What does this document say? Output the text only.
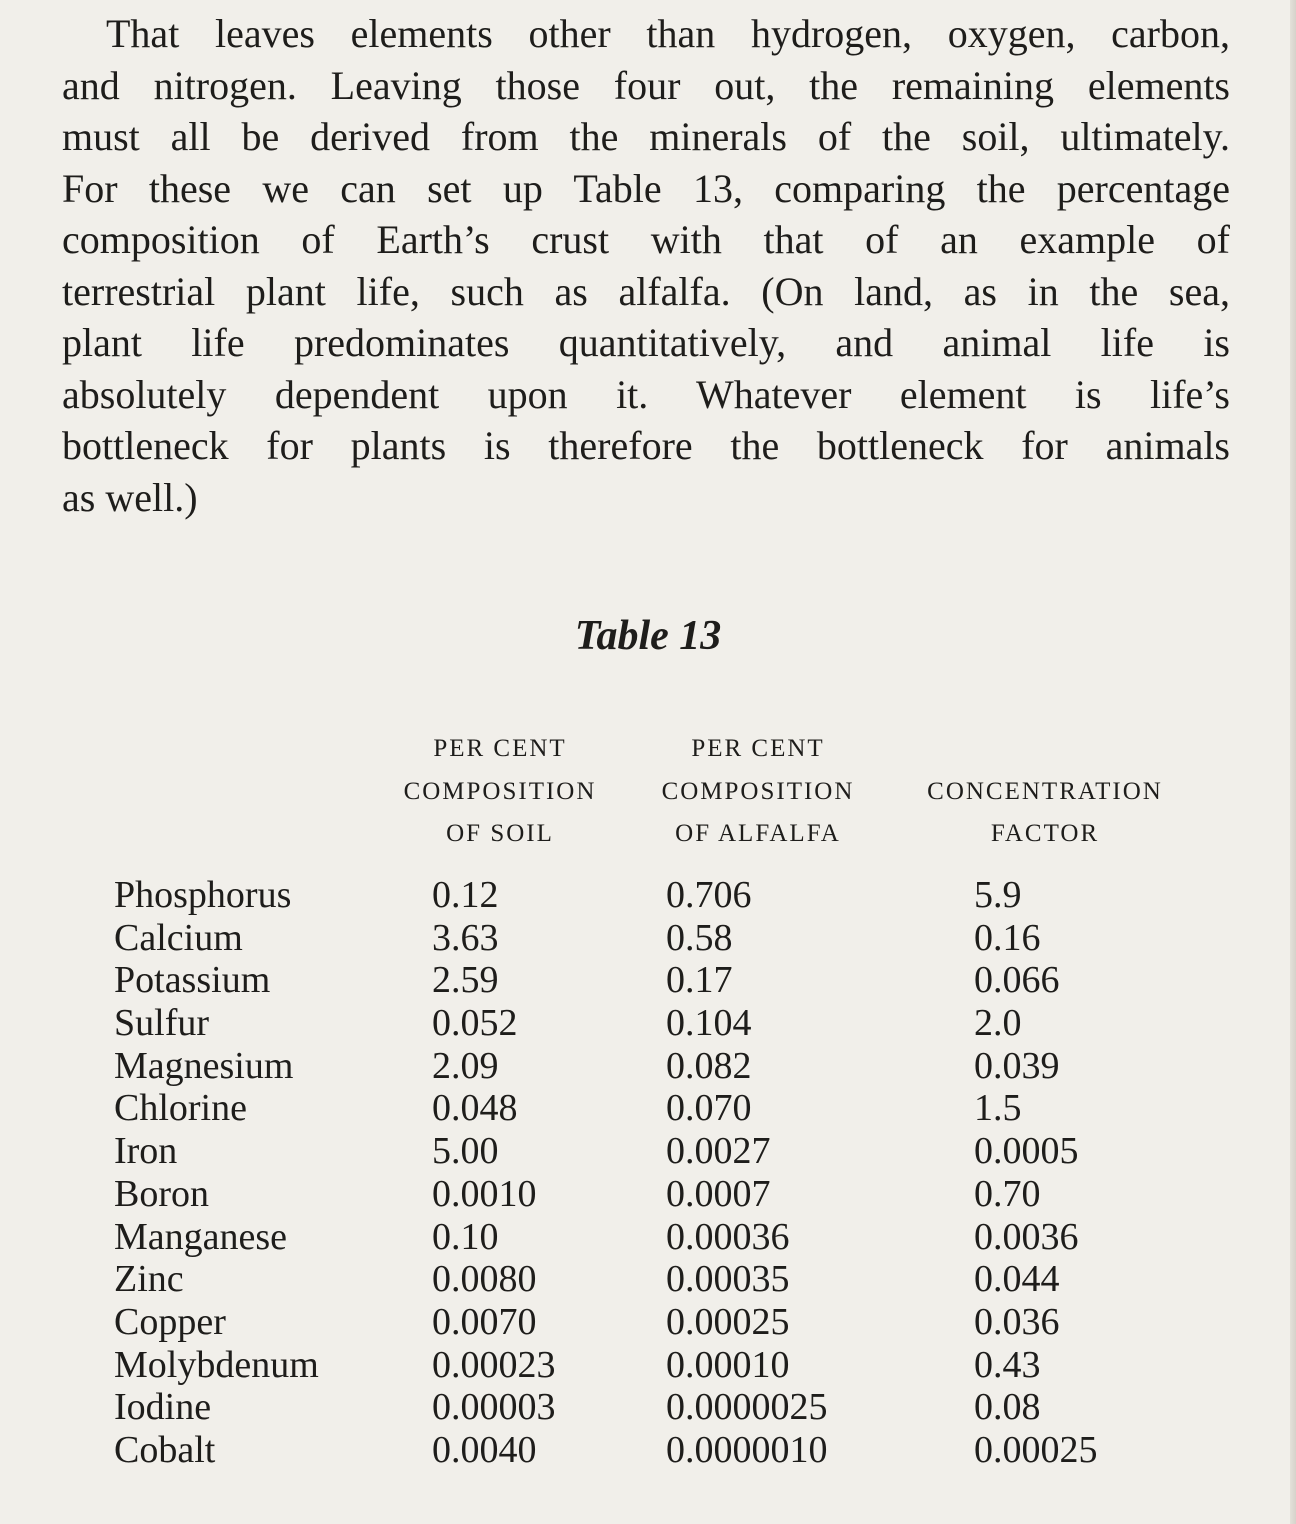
That leaves elements other than hydrogen, oxygen, carbon,
and nitrogen. Leaving those four out, the remaining elements
must all be derived from the minerals of the soil, ultimately.
For these we can set up Table 13, comparing the percentage
composition of Earth’s crust with that of an example of
terrestrial plant life, such as alfalfa. (On land, as in the sea,
plant life predominates quantitatively, and animal life is
absolutely dependent upon it. Whatever element is life’s
bottleneck for plants is therefore the bottleneck for animals
as well.)

Table 13
PER CENT
COMPOSITION
OF SOIL
PER CENT
COMPOSITION
OF ALFALFA
CONCENTRATION
FACTOR
Phosphorus	0.12	0.706	5.9
Calcium	3.63	0.58	0.16
Potassium	2.59	0.17	0.066
Sulfur	0.052	0.104	2.0
Magnesium	2.09	0.082	0.039
Chlorine	0.048	0.070	1.5
Iron	5.00	0.0027	0.0005
Boron	0.0010	0.0007	0.70
Manganese	0.10	0.00036	0.0036
Zinc	0.0080	0.00035	0.044
Copper	0.0070	0.00025	0.036
Molybdenum	0.00023	0.00010	0.43
Iodine	0.00003	0.0000025	0.08
Cobalt	0.0040	0.0000010	0.00025
